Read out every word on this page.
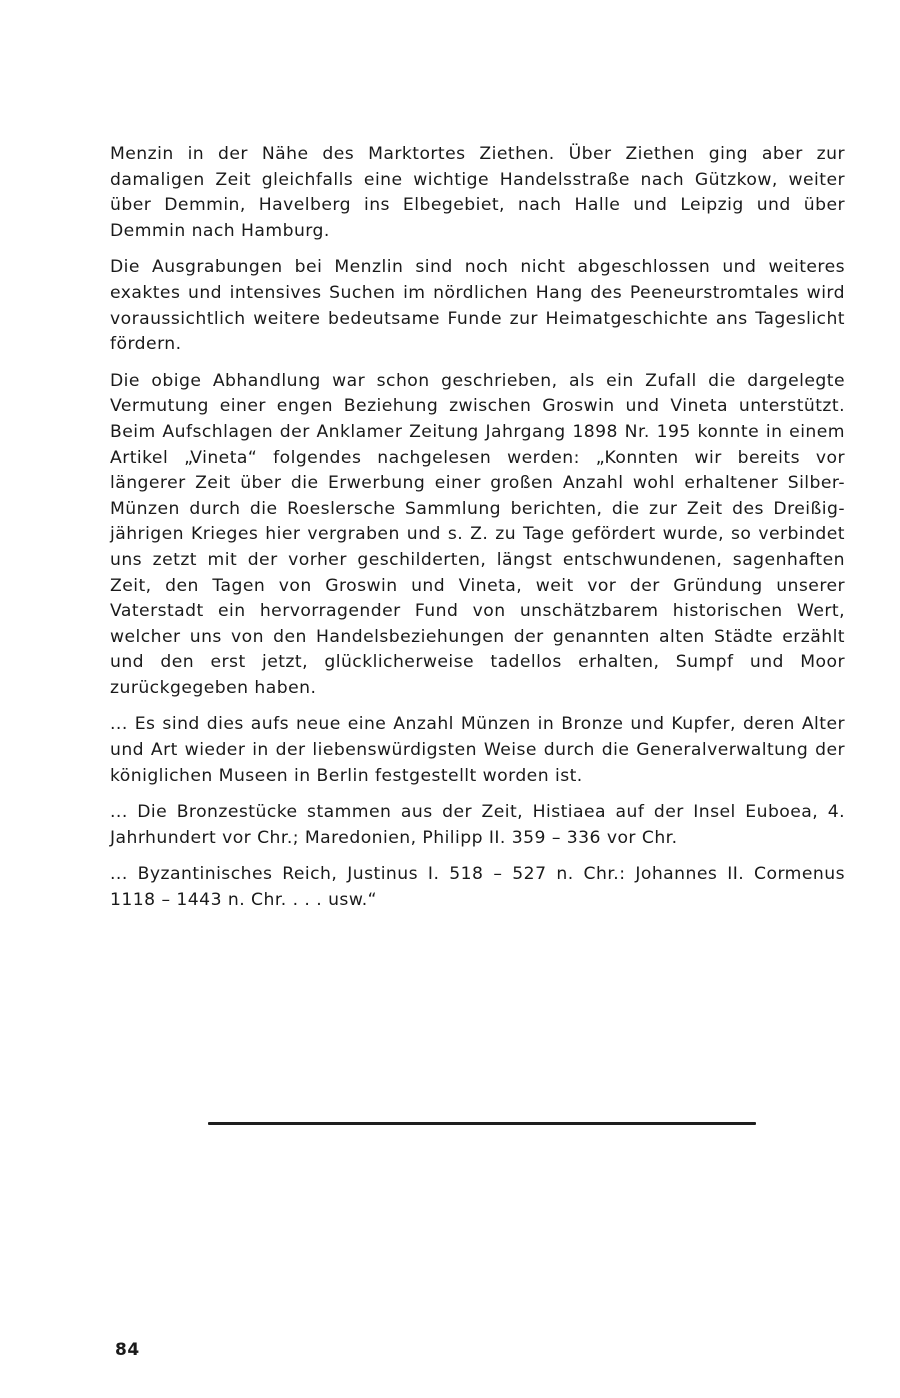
Menzin in der Nähe des Marktortes Ziethen. Über Ziethen ging aber zur damaligen Zeit gleichfalls eine wichtige Handelsstraße nach Gützkow, weiter über Demmin, Havelberg ins Elbegebiet, nach Halle und Leipzig und über Demmin nach Hamburg.

Die Ausgrabungen bei Menzlin sind noch nicht abgeschlossen und weiteres exaktes und intensives Suchen im nördlichen Hang des Peeneurstromtales wird voraussichtlich weitere bedeutsame Funde zur Heimatgeschichte ans Tageslicht fördern.

Die obige Abhandlung war schon geschrieben, als ein Zufall die dargelegte Vermutung einer engen Beziehung zwischen Groswin und Vineta unterstützt. Beim Aufschlagen der Anklamer Zeitung Jahrgang 1898 Nr. 195 konnte in einem Artikel „Vineta“ folgendes nachgelesen werden: „Konnten wir bereits vor längerer Zeit über die Erwerbung einer großen Anzahl wohl erhaltener Silber-Münzen durch die Roeslersche Sammlung berichten, die zur Zeit des Dreißig-jährigen Krieges hier vergraben und s. Z. zu Tage gefördert wurde, so verbindet uns zetzt mit der vorher geschilderten, längst entschwundenen, sagenhaften Zeit, den Tagen von Groswin und Vineta, weit vor der Gründung unserer Vaterstadt ein hervorragender Fund von unschätzbarem historischen Wert, welcher uns von den Handelsbeziehungen der genannten alten Städte erzählt und den erst jetzt, glücklicherweise tadellos erhalten, Sumpf und Moor zurückgegeben haben.

... Es sind dies aufs neue eine Anzahl Münzen in Bronze und Kupfer, deren Alter und Art wieder in der liebenswürdigsten Weise durch die Generalverwaltung der königlichen Museen in Berlin festgestellt worden ist.

... Die Bronzestücke stammen aus der Zeit, Histiaea auf der Insel Euboea, 4. Jahrhundert vor Chr.; Maredonien, Philipp II. 359 – 336 vor Chr.

... Byzantinisches Reich, Justinus I. 518 – 527 n. Chr.: Johannes II. Cormenus 1118 – 1443 n. Chr. . . . usw.“

84
